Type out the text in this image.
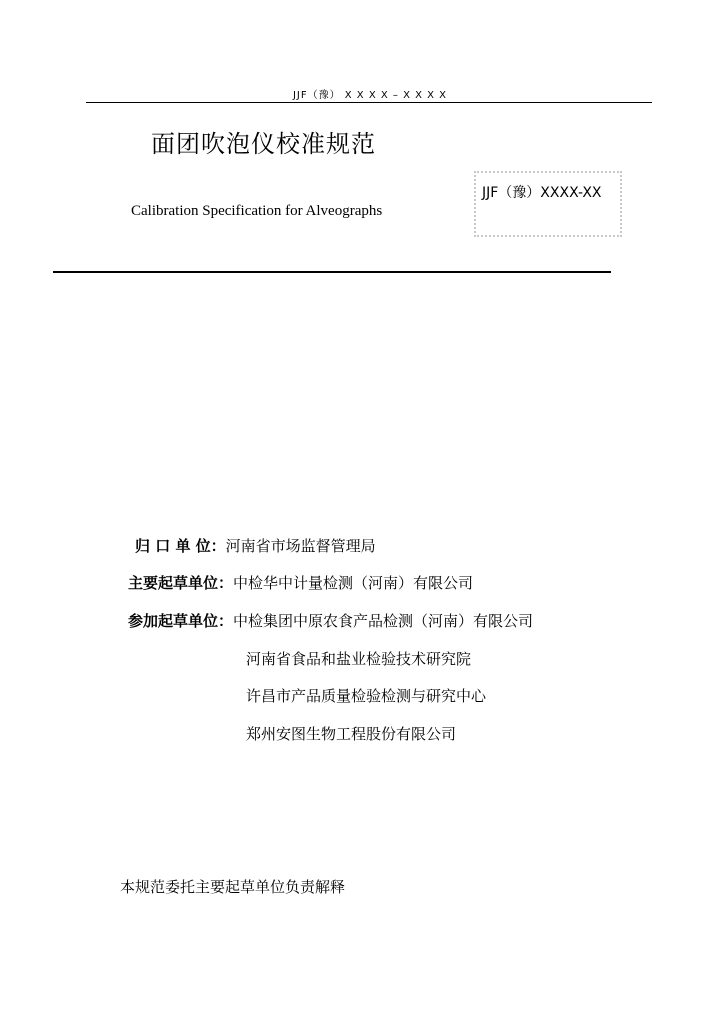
JJF（豫） X X X X – X X X X
面团吹泡仪校准规范
Calibration Specification for Alveographs
JJF（豫）XXXX-XX
归 口 单 位：河南省市场监督管理局
主要起草单位：中检华中计量检测（河南）有限公司
参加起草单位：中检集团中原农食产品检测（河南）有限公司
河南省食品和盐业检验技术研究院
许昌市产品质量检验检测与研究中心
郑州安图生物工程股份有限公司
本规范委托主要起草单位负责解释
